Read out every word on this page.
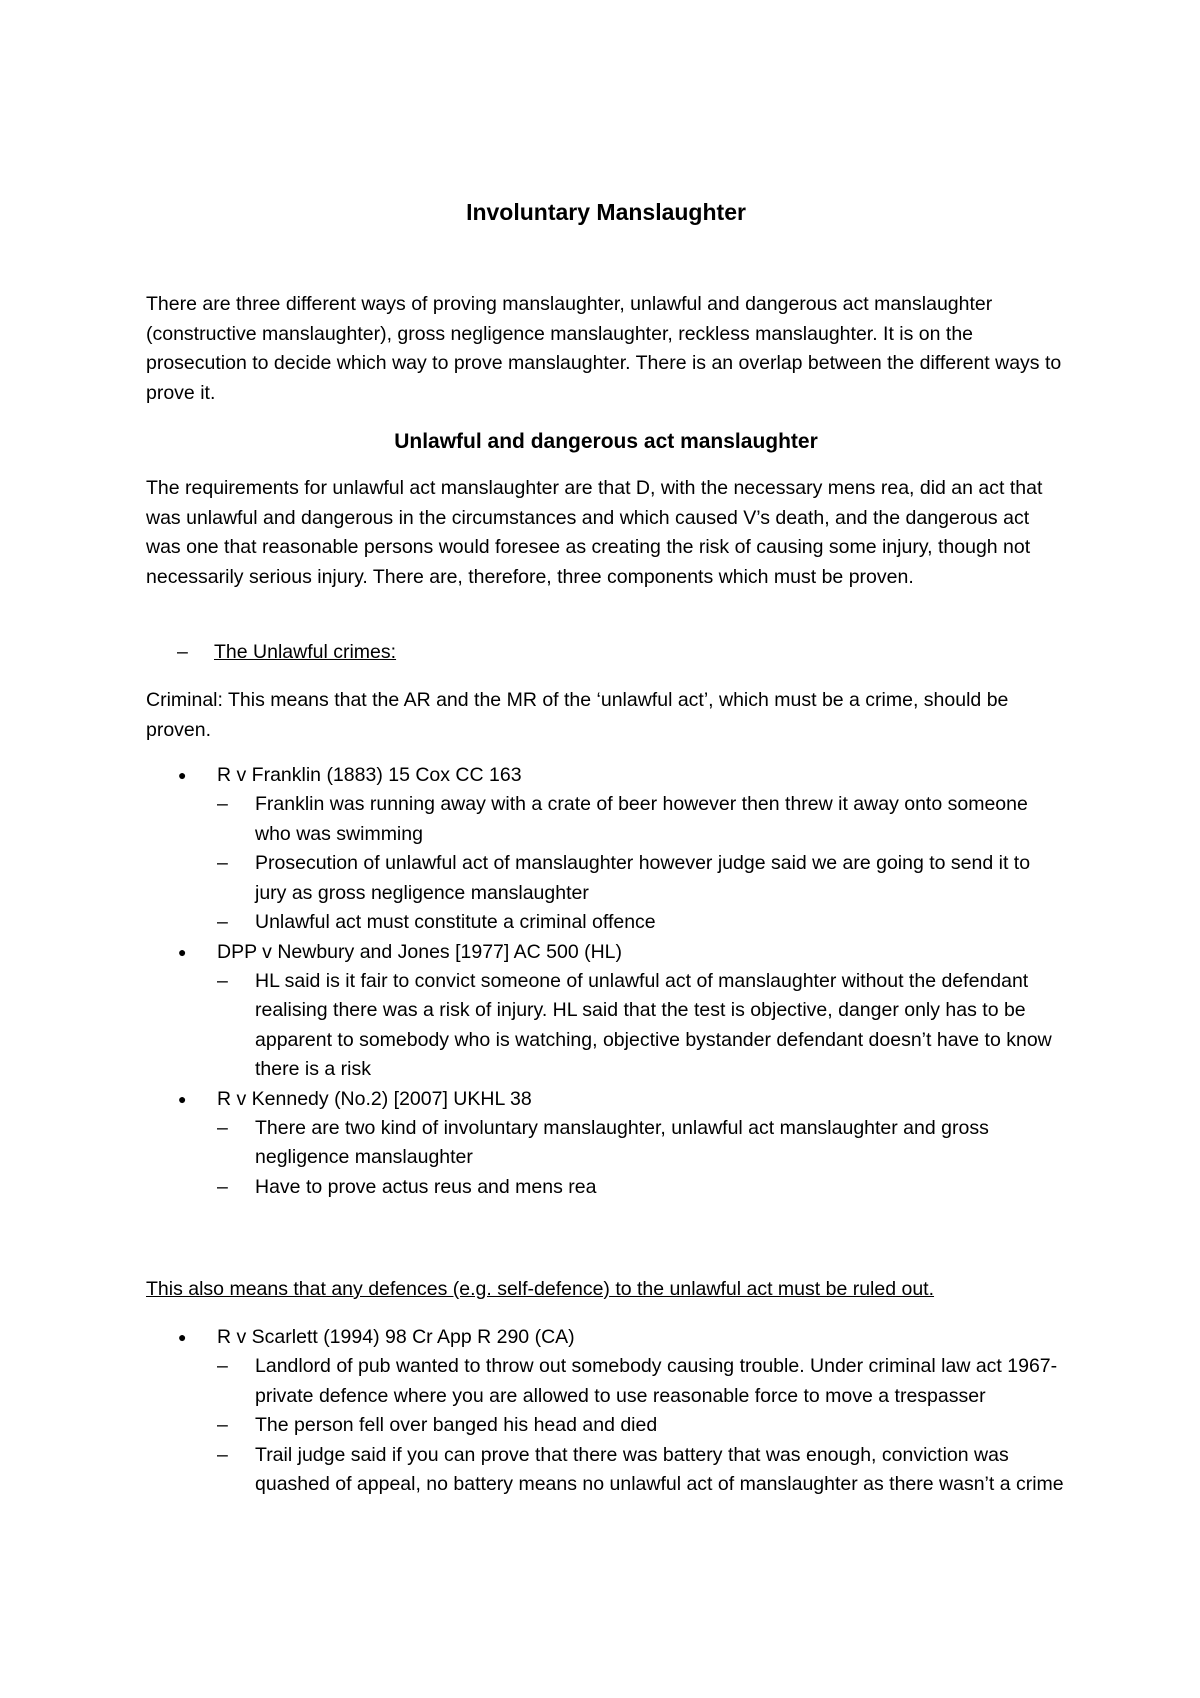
Involuntary Manslaughter

There are three different ways of proving manslaughter, unlawful and dangerous act manslaughter (constructive manslaughter), gross negligence manslaughter, reckless manslaughter. It is on the prosecution to decide which way to prove manslaughter. There is an overlap between the different ways to prove it.

Unlawful and dangerous act manslaughter

The requirements for unlawful act manslaughter are that D, with the necessary mens rea, did an act that was unlawful and dangerous in the circumstances and which caused V’s death, and the dangerous act was one that reasonable persons would foresee as creating the risk of causing some injury, though not necessarily serious injury. There are, therefore, three components which must be proven.

– The Unlawful crimes:

Criminal: This means that the AR and the MR of the ‘unlawful act’, which must be a crime, should be proven.

●	R v Franklin (1883) 15 Cox CC 163
– Franklin was running away with a crate of beer however then threw it away onto someone who was swimming
– Prosecution of unlawful act of manslaughter however judge said we are going to send it to jury as gross negligence manslaughter
– Unlawful act must constitute a criminal offence
●	DPP v Newbury and Jones [1977] AC 500 (HL)
– HL said is it fair to convict someone of unlawful act of manslaughter without the defendant realising there was a risk of injury. HL said that the test is objective, danger only has to be apparent to somebody who is watching, objective bystander defendant doesn’t have to know there is a risk
●	R v Kennedy (No.2) [2007] UKHL 38
– There are two kind of involuntary manslaughter, unlawful act manslaughter and gross negligence manslaughter
– Have to prove actus reus and mens rea

This also means that any defences (e.g. self-defence) to the unlawful act must be ruled out.

●	R v Scarlett (1994) 98 Cr App R 290 (CA)
– Landlord of pub wanted to throw out somebody causing trouble. Under criminal law act 1967- private defence where you are allowed to use reasonable force to move a trespasser
– The person fell over banged his head and died
– Trail judge said if you can prove that there was battery that was enough, conviction was quashed of appeal, no battery means no unlawful act of manslaughter as there wasn’t a crime
